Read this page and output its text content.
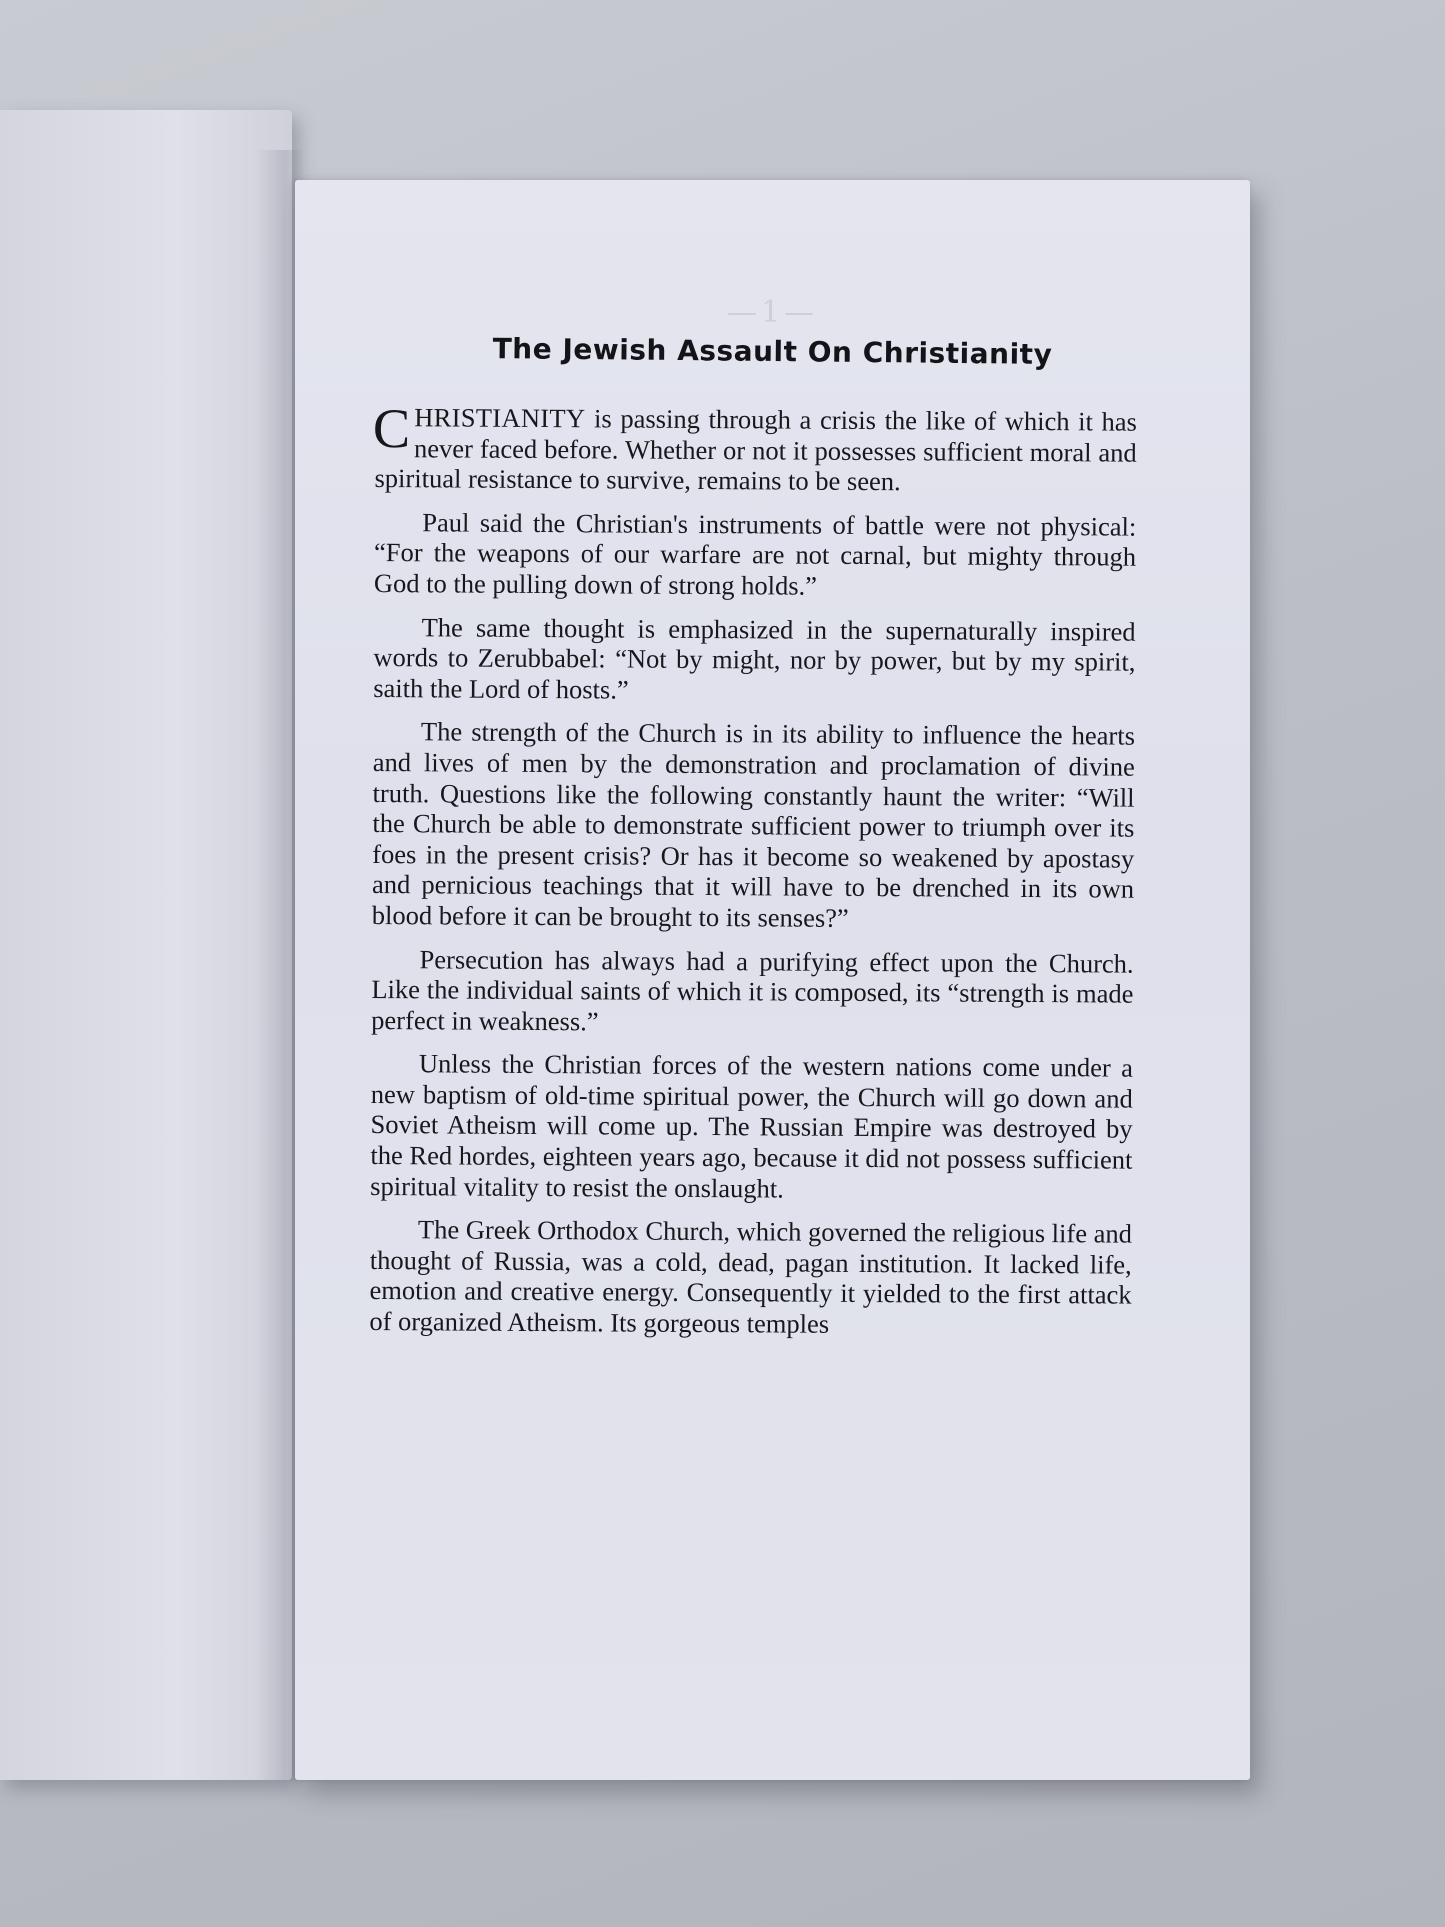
—1—
The Jewish Assault On Christianity

CHRISTIANITY is passing through a crisis the like of which it has never faced before. Whether or not it possesses sufficient moral and spiritual resistance to survive, remains to be seen.

Paul said the Christian's instruments of battle were not physical: “For the weapons of our warfare are not carnal, but mighty through God to the pulling down of strong holds.”

The same thought is emphasized in the supernaturally inspired words to Zerubbabel: “Not by might, nor by power, but by my spirit, saith the Lord of hosts.”

The strength of the Church is in its ability to influence the hearts and lives of men by the demonstration and proclamation of divine truth. Questions like the following constantly haunt the writer: “Will the Church be able to demonstrate sufficient power to triumph over its foes in the present crisis? Or has it become so weakened by apostasy and pernicious teachings that it will have to be drenched in its own blood before it can be brought to its senses?”

Persecution has always had a purifying effect upon the Church. Like the individual saints of which it is composed, its “strength is made perfect in weakness.”

Unless the Christian forces of the western nations come under a new baptism of old-time spiritual power, the Church will go down and Soviet Atheism will come up. The Russian Empire was destroyed by the Red hordes, eighteen years ago, because it did not possess sufficient spiritual vitality to resist the onslaught.

The Greek Orthodox Church, which governed the religious life and thought of Russia, was a cold, dead, pagan institution. It lacked life, emotion and creative energy. Consequently it yielded to the first attack of organized Atheism. Its gorgeous temples
